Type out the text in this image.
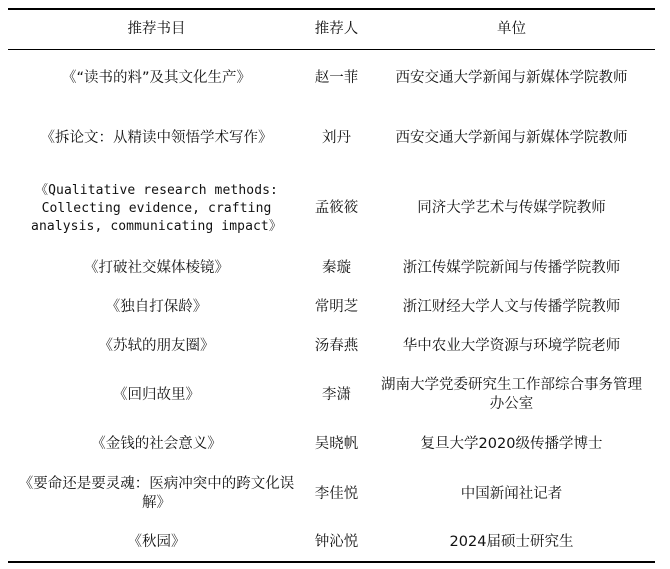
推荐书目	推荐人	单位
《“读书的料”及其文化生产》	赵一菲	西安交通大学新闻与新媒体学院教师
《拆论文：从精读中领悟学术写作》	刘丹	西安交通大学新闻与新媒体学院教师
《Qualitative research methods: Collecting evidence, crafting analysis, communicating impact》	孟筱筱	同济大学艺术与传媒学院教师
《打破社交媒体棱镜》	秦璇	浙江传媒学院新闻与传播学院教师
《独自打保龄》	常明芝	浙江财经大学人文与传播学院教师
《苏轼的朋友圈》	汤春燕	华中农业大学资源与环境学院老师
《回归故里》	李潇	湖南大学党委研究生工作部综合事务管理办公室
《金钱的社会意义》	吴晓帆	复旦大学2020级传播学博士
《要命还是要灵魂：医病冲突中的跨文化误解》	李佳悦	中国新闻社记者
《秋园》	钟沁悦	2024届硕士研究生
